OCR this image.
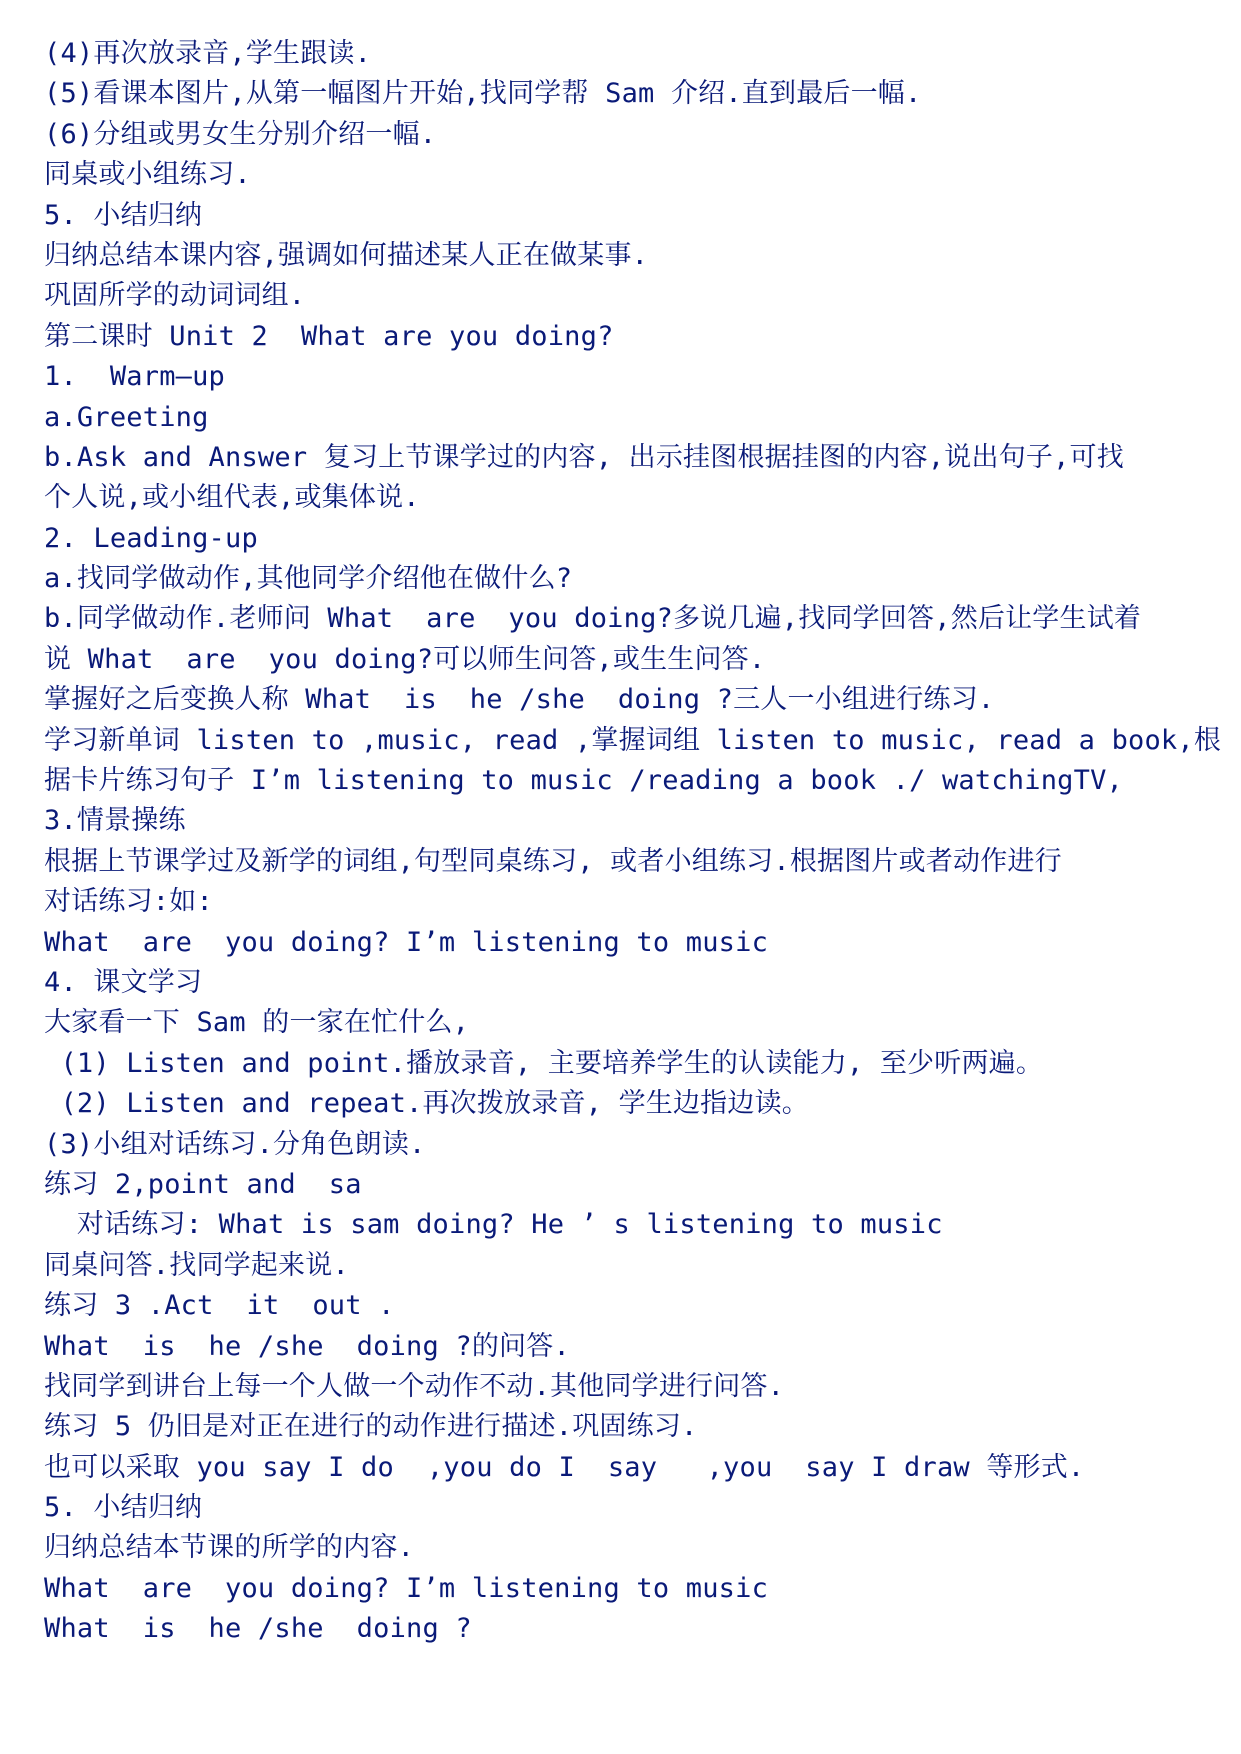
(4)再次放录音,学生跟读.
(5)看课本图片,从第一幅图片开始,找同学帮 Sam 介绍.直到最后一幅.
(6)分组或男女生分别介绍一幅.
同桌或小组练习.
5. 小结归纳
归纳总结本课内容,强调如何描述某人正在做某事.
巩固所学的动词词组.
第二课时 Unit 2  What are you doing?
1.  Warm—up
a.Greeting
b.Ask and Answer 复习上节课学过的内容, 出示挂图根据挂图的内容,说出句子,可找
个人说,或小组代表,或集体说.
2. Leading-up
a.找同学做动作,其他同学介绍他在做什么?
b.同学做动作.老师问 What  are  you doing?多说几遍,找同学回答,然后让学生试着
说 What  are  you doing?可以师生问答,或生生问答.
掌握好之后变换人称 What  is  he /she  doing ?三人一小组进行练习.
学习新单词 listen to ,music, read ,掌握词组 listen to music, read a book,根
据卡片练习句子 I’m listening to music /reading a book ./ watchingTV,
3.情景操练
根据上节课学过及新学的词组,句型同桌练习, 或者小组练习.根据图片或者动作进行
对话练习:如:
What  are  you doing? I’m listening to music
4. 课文学习
大家看一下 Sam 的一家在忙什么,
(1) Listen and point.播放录音, 主要培养学生的认读能力, 至少听两遍。
(2) Listen and repeat.再次拨放录音, 学生边指边读。
(3)小组对话练习.分角色朗读.
练习 2,point and  sa
对话练习: What is sam doing? He ’ s listening to music
同桌问答.找同学起来说.
练习 3 .Act  it  out .
What  is  he /she  doing ?的问答.
找同学到讲台上每一个人做一个动作不动.其他同学进行问答.
练习 5 仍旧是对正在进行的动作进行描述.巩固练习.
也可以采取 you say I do  ,you do I  say   ,you  say I draw 等形式.
5. 小结归纳
归纳总结本节课的所学的内容.
What  are  you doing? I’m listening to music
What  is  he /she  doing ?
